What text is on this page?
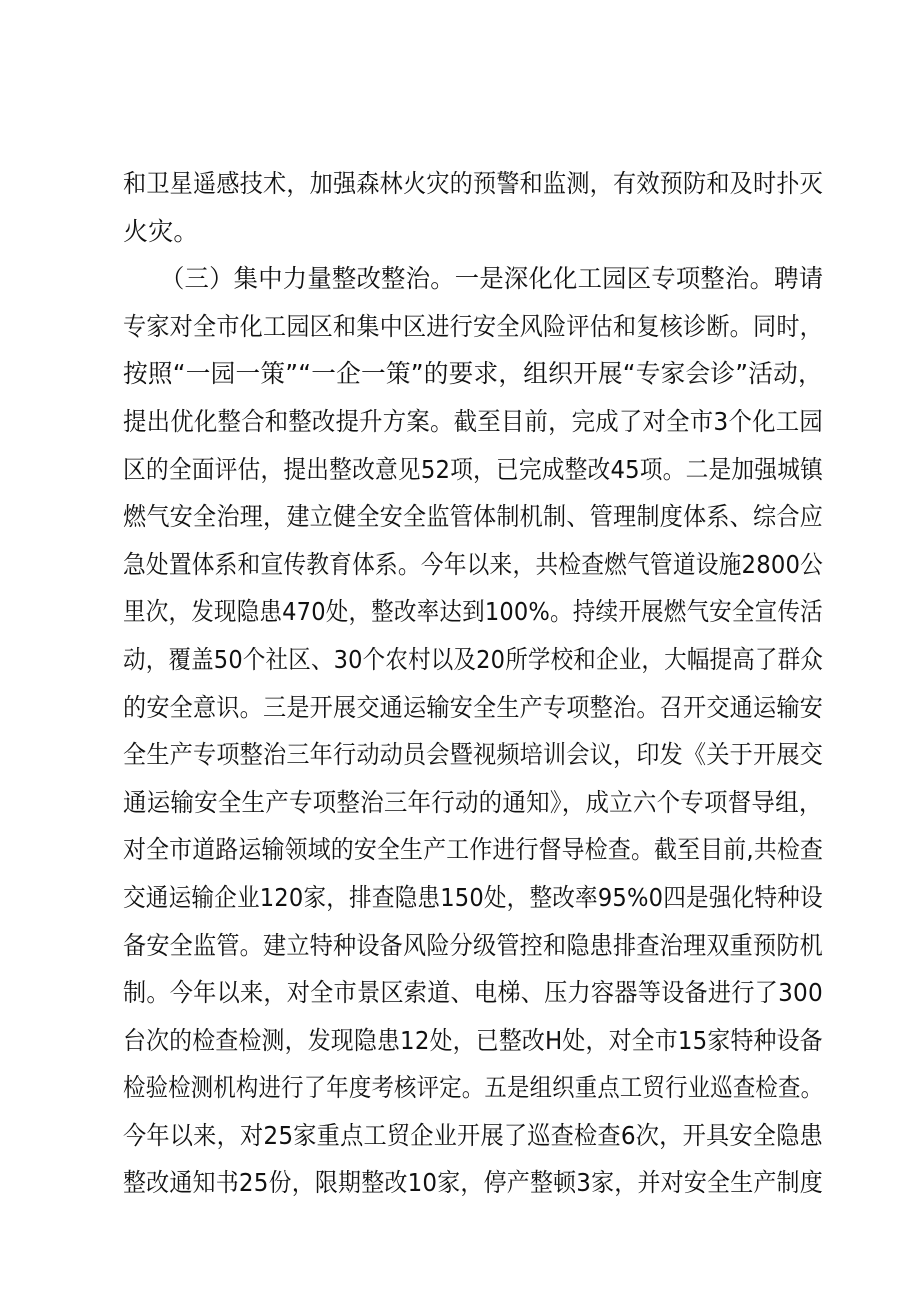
和卫星遥感技术，加强森林火灾的预警和监测，有效预防和及时扑灭
火灾。
　　（三）集中力量整改整治。一是深化化工园区专项整治。聘请
专家对全市化工园区和集中区进行安全风险评估和复核诊断。同时，
按照“一园一策”“一企一策”的要求，组织开展“专家会诊”活动，
提出优化整合和整改提升方案。截至目前，完成了对全市3个化工园
区的全面评估，提出整改意见52项，已完成整改45项。二是加强城镇
燃气安全治理，建立健全安全监管体制机制、管理制度体系、综合应
急处置体系和宣传教育体系。今年以来，共检查燃气管道设施2800公
里次，发现隐患470处，整改率达到100%。持续开展燃气安全宣传活
动，覆盖50个社区、30个农村以及20所学校和企业，大幅提高了群众
的安全意识。三是开展交通运输安全生产专项整治。召开交通运输安
全生产专项整治三年行动动员会暨视频培训会议，印发《关于开展交
通运输安全生产专项整治三年行动的通知》，成立六个专项督导组，
对全市道路运输领域的安全生产工作进行督导检查。截至目前,共检查
交通运输企业120家，排查隐患150处，整改率95%0四是强化特种设
备安全监管。建立特种设备风险分级管控和隐患排查治理双重预防机
制。今年以来，对全市景区索道、电梯、压力容器等设备进行了300
台次的检查检测，发现隐患12处，已整改H处，对全市15家特种设备
检验检测机构进行了年度考核评定。五是组织重点工贸行业巡查检查。
今年以来，对25家重点工贸企业开展了巡查检查6次，开具安全隐患
整改通知书25份，限期整改10家，停产整顿3家，并对安全生产制度
